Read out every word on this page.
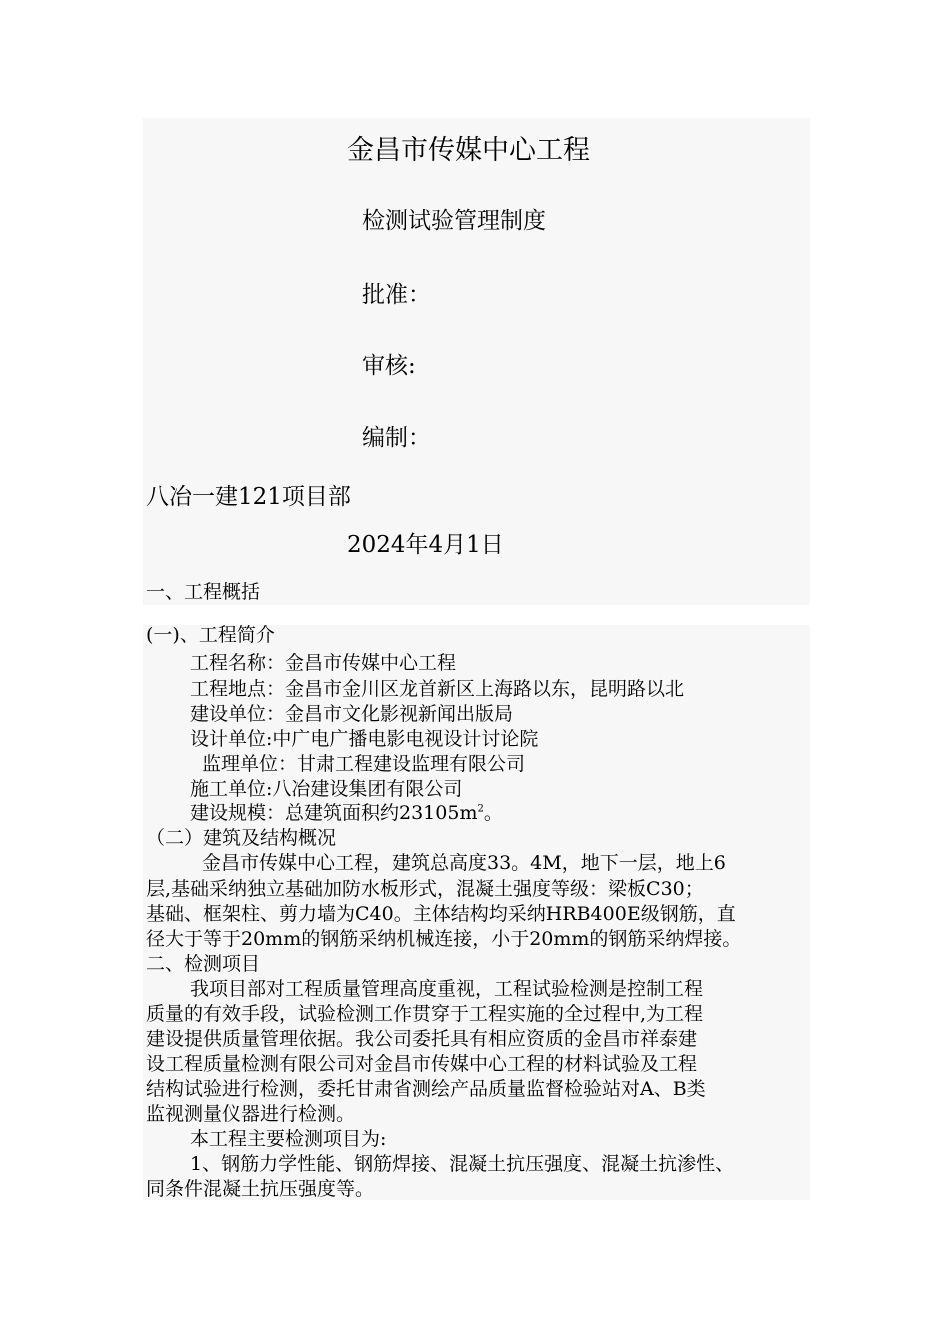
金昌市传媒中心工程
检测试验管理制度
批准：
审核:
编制：
八冶一建121项目部
2024年4月1日
一、工程概括
(一)、工程简介
工程名称：金昌市传媒中心工程
工程地点：金昌市金川区龙首新区上海路以东，昆明路以北
建设单位：金昌市文化影视新闻出版局
设计单位:中广电广播电影电视设计讨论院
监理单位：甘肃工程建设监理有限公司
施工单位:八冶建设集团有限公司
建设规模：总建筑面积约$23105m^2$。
（二）建筑及结构概况
金昌市传媒中心工程，建筑总高度33。4M，地下一层，地上6
层,基础采纳独立基础加防水板形式，混凝土强度等级：梁板C30；
基础、框架柱、剪力墙为C40。主体结构均采纳HRB400E级钢筋，直
径大于等于20mm的钢筋采纳机械连接，小于20mm的钢筋采纳焊接。
二、检测项目
我项目部对工程质量管理高度重视，工程试验检测是控制工程
质量的有效手段，试验检测工作贯穿于工程实施的全过程中,为工程
建设提供质量管理依据。我公司委托具有相应资质的金昌市祥泰建
设工程质量检测有限公司对金昌市传媒中心工程的材料试验及工程
结构试验进行检测，委托甘肃省测绘产品质量监督检验站对A、B类
监视测量仪器进行检测。
本工程主要检测项目为:
1、钢筋力学性能、钢筋焊接、混凝土抗压强度、混凝土抗渗性、
同条件混凝土抗压强度等。
